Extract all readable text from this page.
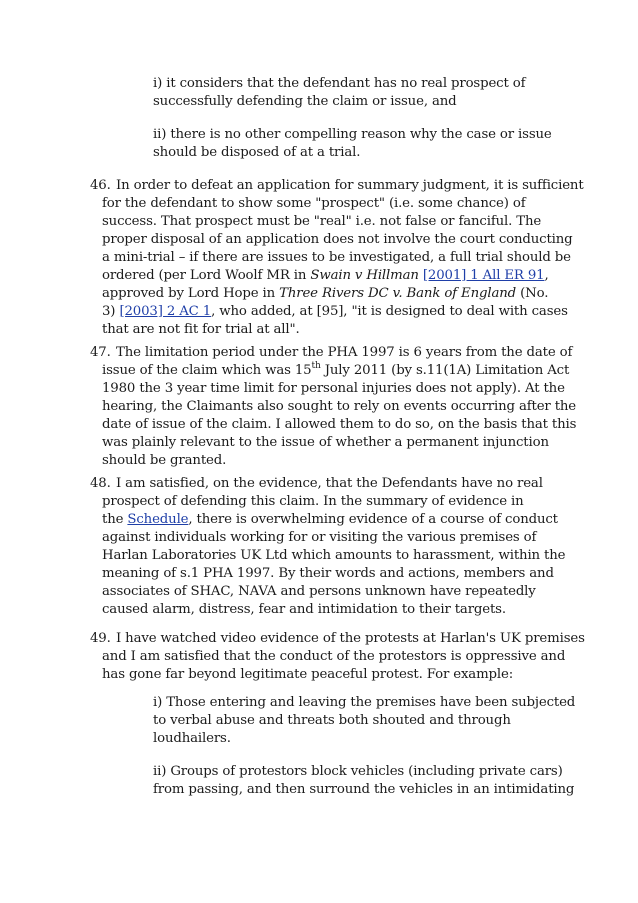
i) it considers that the defendant has no real prospect of
successfully defending the claim or issue, and
ii) there is no other compelling reason why the case or issue
should be disposed of at a trial.
46. In order to defeat an application for summary judgment, it is sufficient
for the defendant to show some "prospect" (i.e. some chance) of
success. That prospect must be "real" i.e. not false or fanciful. The
proper disposal of an application does not involve the court conducting
a mini-trial – if there are issues to be investigated, a full trial should be
ordered (per Lord Woolf MR in Swain v Hillman [2001] 1 All ER 91,
approved by Lord Hope in Three Rivers DC v. Bank of England (No.
3) [2003] 2 AC 1, who added, at [95], "it is designed to deal with cases
that are not fit for trial at all".
47. The limitation period under the PHA 1997 is 6 years from the date of
issue of the claim which was 15th July 2011 (by s.11(1A) Limitation Act
1980 the 3 year time limit for personal injuries does not apply). At the
hearing, the Claimants also sought to rely on events occurring after the
date of issue of the claim. I allowed them to do so, on the basis that this
was plainly relevant to the issue of whether a permanent injunction
should be granted.
48. I am satisfied, on the evidence, that the Defendants have no real
prospect of defending this claim. In the summary of evidence in
the Schedule, there is overwhelming evidence of a course of conduct
against individuals working for or visiting the various premises of
Harlan Laboratories UK Ltd which amounts to harassment, within the
meaning of s.1 PHA 1997. By their words and actions, members and
associates of SHAC, NAVA and persons unknown have repeatedly
caused alarm, distress, fear and intimidation to their targets.
49. I have watched video evidence of the protests at Harlan's UK premises
and I am satisfied that the conduct of the protestors is oppressive and
has gone far beyond legitimate peaceful protest. For example:
i) Those entering and leaving the premises have been subjected
to verbal abuse and threats both shouted and through
loudhailers.
ii) Groups of protestors block vehicles (including private cars)
from passing, and then surround the vehicles in an intimidating
